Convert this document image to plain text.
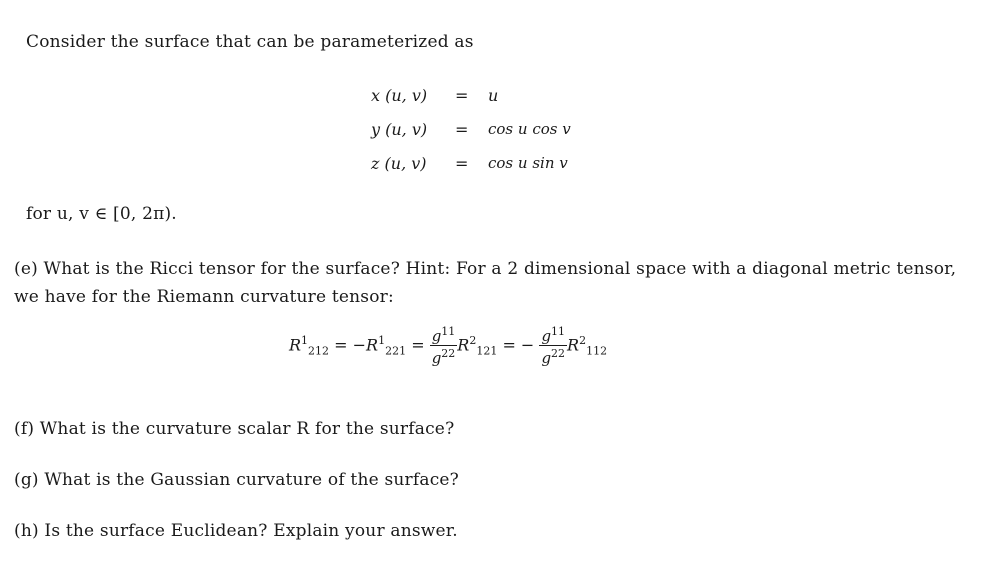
Consider the surface that can be parameterized as
x (u, v) = u
y (u, v) = cos u cos v
z (u, v) = cos u sin v
for u, v ∈ [0, 2π).
(e) What is the Ricci tensor for the surface? Hint: For a 2 dimensional space with a diagonal metric tensor,
we have for the Riemann curvature tensor:
$R^1_{212} = -R^1_{221} = \frac{g^{11}}{g^{22}} R^2_{121}$ = − $\frac{g^{11}}{g^{22}} R^2_{112}$
(f) What is the curvature scalar R for the surface?
(g) What is the Gaussian curvature of the surface?
(h) Is the surface Euclidean? Explain your answer.
